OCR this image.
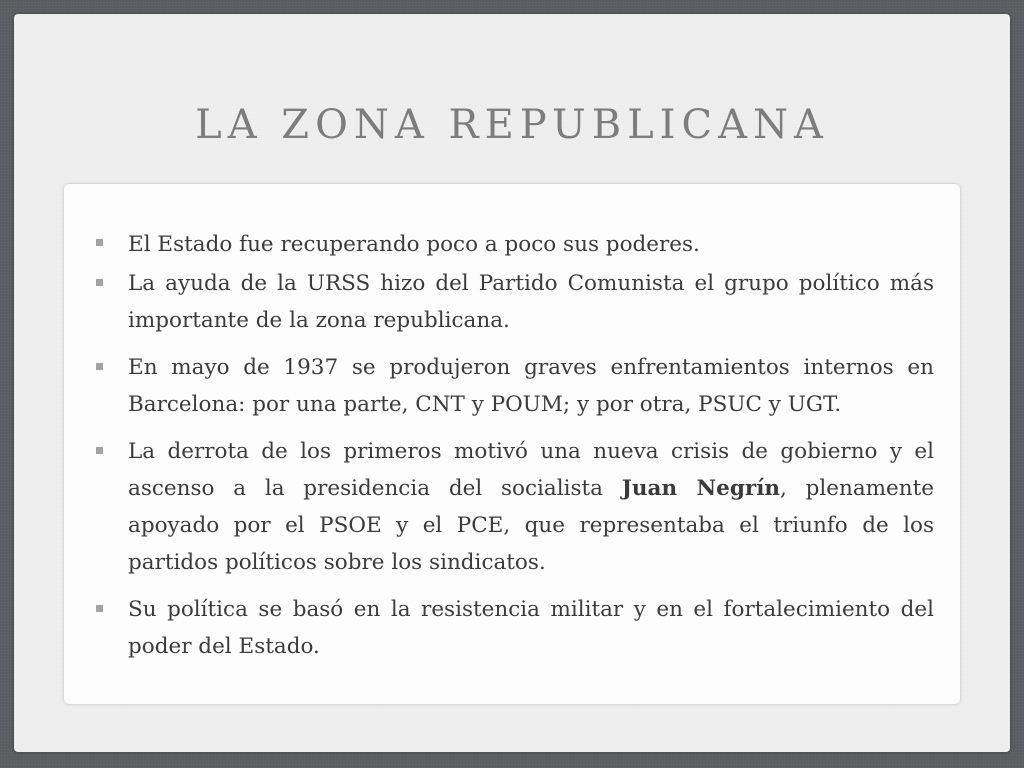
LA ZONA REPUBLICANA
El Estado fue recuperando poco a poco sus poderes.
La ayuda de la URSS hizo del Partido Comunista el grupo político más importante de la zona republicana.
En mayo de 1937 se produjeron graves enfrentamientos internos en Barcelona: por una parte, CNT y POUM; y por otra, PSUC y UGT.
La derrota de los primeros motivó una nueva crisis de gobierno y el ascenso a la presidencia del socialista Juan Negrín, plenamente apoyado por el PSOE y el PCE, que representaba el triunfo de los partidos políticos sobre los sindicatos.
Su política se basó en la resistencia militar y en el fortalecimiento del poder del Estado.
